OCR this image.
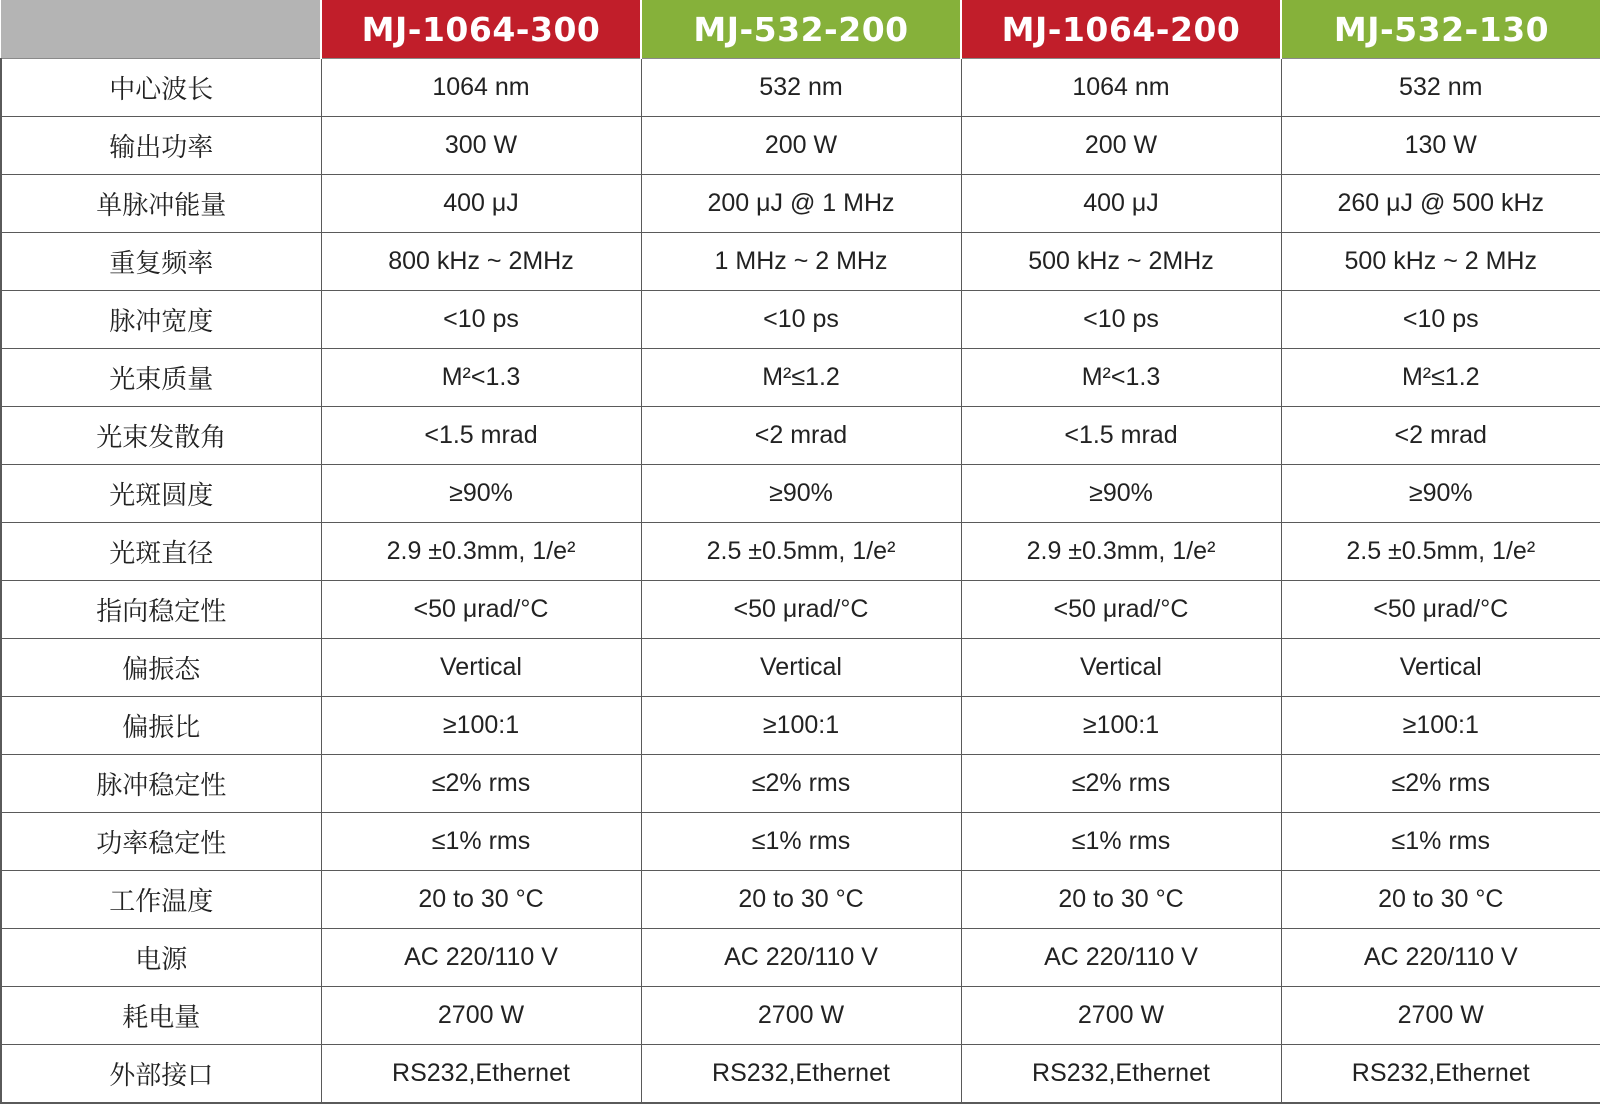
	MJ-1064-300	MJ-532-200	MJ-1064-200	MJ-532-130
中心波长	1064 nm	532 nm	1064 nm	532 nm
输出功率	300 W	200 W	200 W	130 W
单脉冲能量	400 μJ	200 μJ @ 1 MHz	400 μJ	260 μJ @ 500 kHz
重复频率	800 kHz ~ 2MHz	1 MHz ~ 2 MHz	500 kHz ~ 2MHz	500 kHz ~ 2 MHz
脉冲宽度	<10 ps	<10 ps	<10 ps	<10 ps
光束质量	M²<1.3	M²≤1.2	M²<1.3	M²≤1.2
光束发散角	<1.5 mrad	<2 mrad	<1.5 mrad	<2 mrad
光斑圆度	≥90%	≥90%	≥90%	≥90%
光斑直径	2.9 ±0.3mm, 1/e²	2.5 ±0.5mm, 1/e²	2.9 ±0.3mm, 1/e²	2.5 ±0.5mm, 1/e²
指向稳定性	<50 μrad/°C	<50 μrad/°C	<50 μrad/°C	<50 μrad/°C
偏振态	Vertical	Vertical	Vertical	Vertical
偏振比	≥100:1	≥100:1	≥100:1	≥100:1
脉冲稳定性	≤2% rms	≤2% rms	≤2% rms	≤2% rms
功率稳定性	≤1% rms	≤1% rms	≤1% rms	≤1% rms
工作温度	20 to 30 °C	20 to 30 °C	20 to 30 °C	20 to 30 °C
电源	AC 220/110 V	AC 220/110 V	AC 220/110 V	AC 220/110 V
耗电量	2700 W	2700 W	2700 W	2700 W
外部接口	RS232,Ethernet	RS232,Ethernet	RS232,Ethernet	RS232,Ethernet
